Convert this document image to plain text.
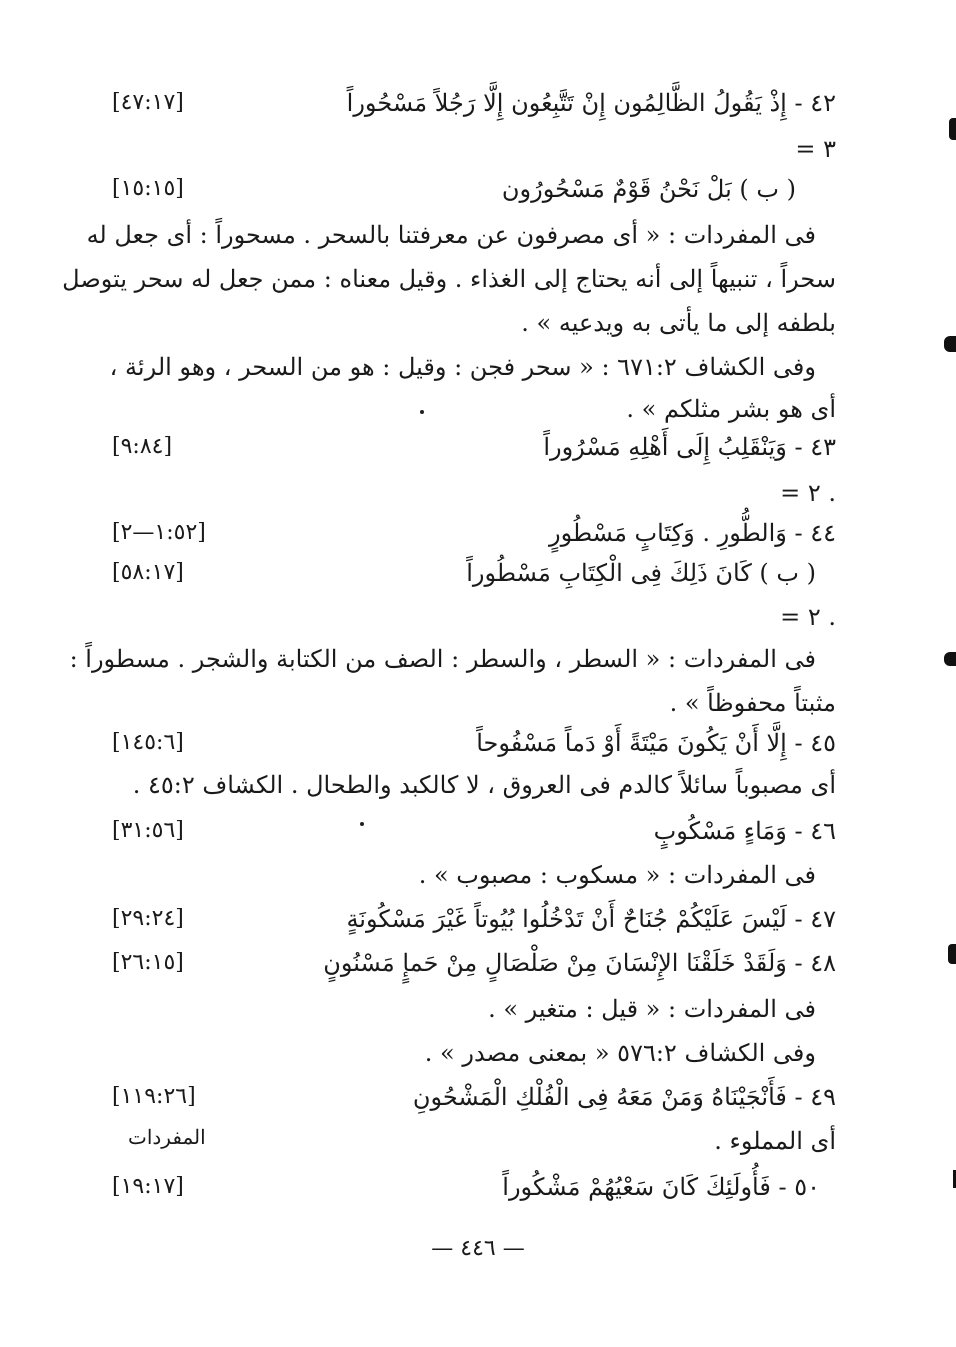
٤٢ - إِذْ يَقُولُ الظَّالِمُون إِنْ تَتَّبِعُون إِلَّا رَجُلاً مَسْحُوراً
[٤٧:١٧]
= ٣
( ب ) بَلْ نَحْنُ قَوْمٌ مَسْحُورُون
[١٥:١٥]
فى المفردات : « أى مصرفون عن معرفتنا بالسحر . مسحوراً : أى جعل له
سحراً ، تنبيهاً إلى أنه يحتاج إلى الغذاء . وقيل معناه : ممن جعل له سحر يتوصل
بلطفه إلى ما يأتى به ويدعيه » .
وفى الكشاف ٦٧١:٢ : « سحر فجن : وقيل : هو من السحر ، وهو الرئة ،
أى هو بشر مثلكم » .
٤٣ - وَيَنْقَلِبُ إِلَى أَهْلِهِ مَسْرُوراً
[٩:٨٤]
= ٢ .
٤٤ - وَالطُّورِ . وَكِتَابٍ مَسْطُورٍ
[١:٥٢—٢]
( ب ) كَانَ ذَلِكَ فِى الْكِتَابِ مَسْطُوراً
[٥٨:١٧]
= ٢ .
فى المفردات : « السطر ، والسطر : الصف من الكتابة والشجر . مسطوراً :
مثبتاً محفوظاً » .
٤٥ - إِلَّا أَنْ يَكُونَ مَيْتَةً أَوْ دَماً مَسْفُوحاً
[١٤٥:٦]
أى مصبوباً سائلاً كالدم فى العروق ، لا كالكبد والطحال . الكشاف ٤٥:٢ .
٤٦ - وَمَاءٍ مَسْكُوبٍ
[٣١:٥٦]
فى المفردات : « مسكوب : مصبوب » .
٤٧ - لَيْسَ عَلَيْكُمْ جُنَاحٌ أَنْ تَدْخُلُوا بُيُوتاً غَيْرَ مَسْكُونَةٍ
[٢٩:٢٤]
٤٨ - وَلَقَدْ خَلَقْنَا الإِنْسَانَ مِنْ صَلْصَالٍ مِنْ حَمإٍ مَسْنُونٍ
[٢٦:١٥]
فى المفردات : « قيل : متغير » .
وفى الكشاف ٥٧٦:٢ « بمعنى مصدر » .
٤٩ - فَأَنْجَيْنَاهُ وَمَنْ مَعَهُ فِى الْفُلْكِ الْمَشْحُونِ
[١١٩:٢٦]
أى المملوء .
المفردات
٥٠ - فَأُولَئِكَ كَانَ سَعْيُهُمْ مَشْكُوراً
[١٩:١٧]
— ٤٤٦ —
